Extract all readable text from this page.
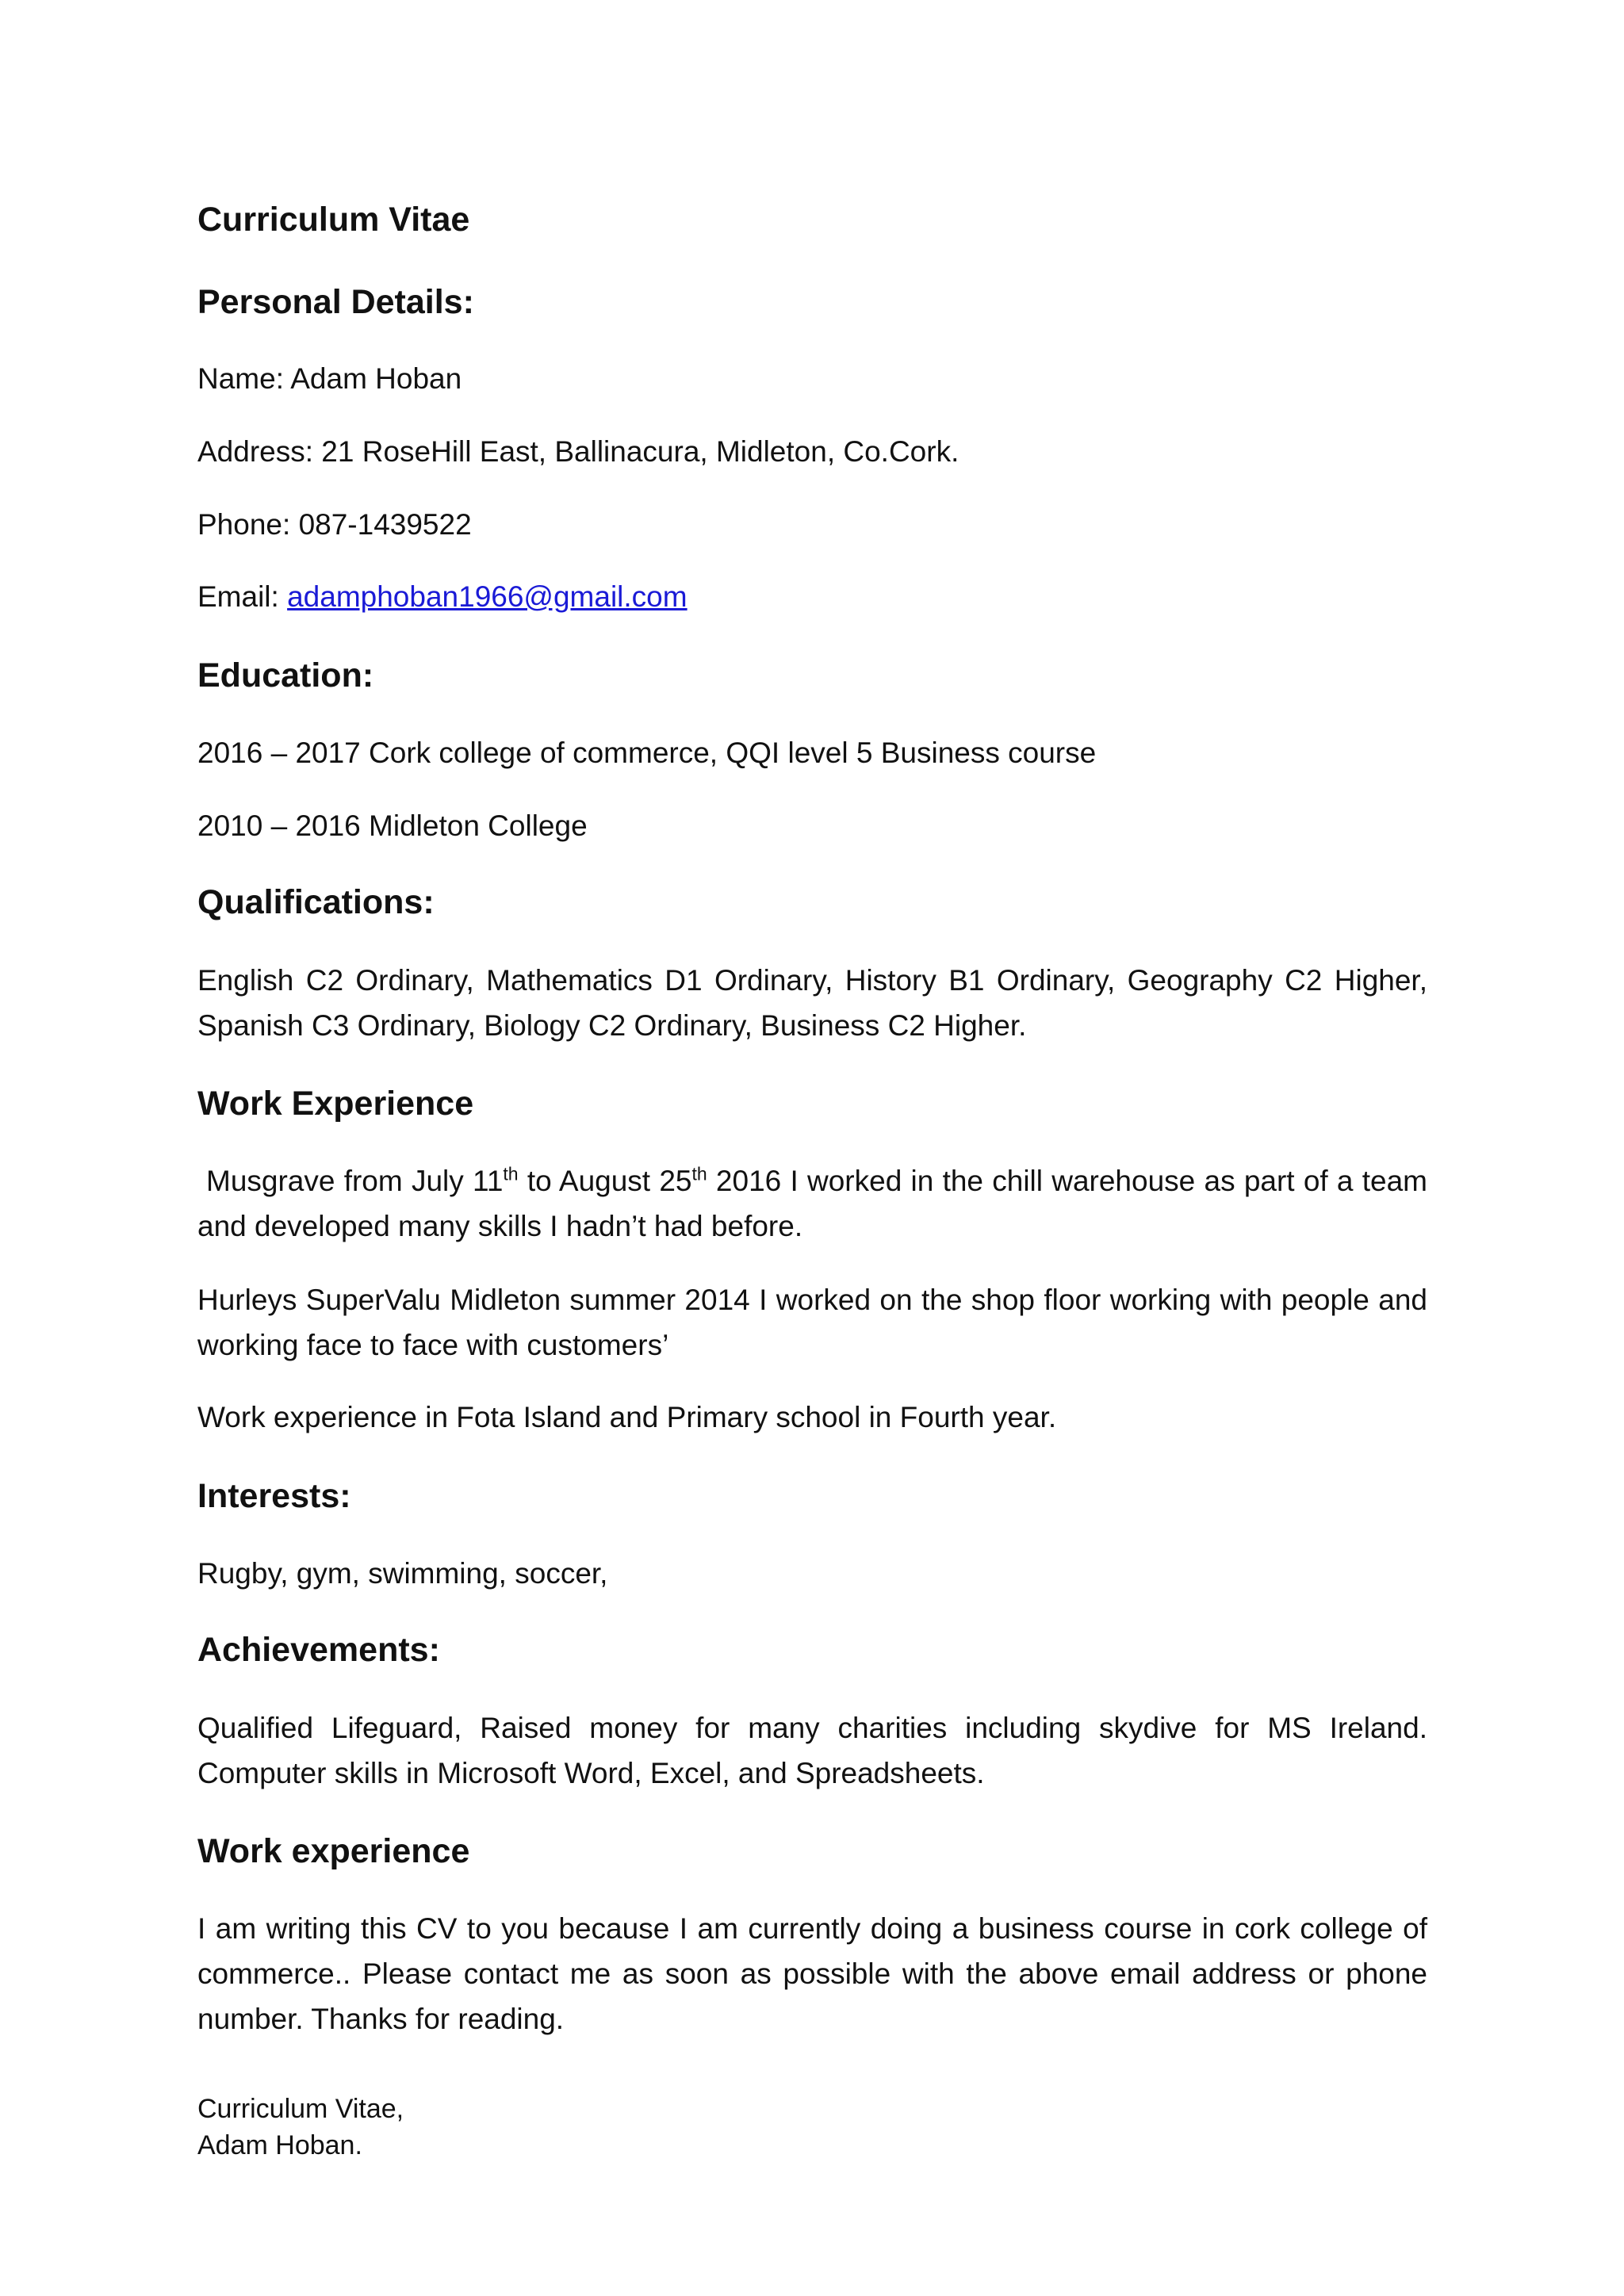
Curriculum Vitae
Personal Details:
Name: Adam Hoban
Address: 21 RoseHill East, Ballinacura, Midleton, Co.Cork.
Phone: 087-1439522
Email: adamphoban1966@gmail.com
Education:
2016 – 2017 Cork college of commerce, QQI level 5 Business course
2010 – 2016 Midleton College
Qualifications:
English C2 Ordinary, Mathematics D1 Ordinary, History B1 Ordinary, Geography C2 Higher, Spanish C3 Ordinary, Biology C2 Ordinary, Business C2 Higher.
Work Experience
Musgrave from July 11th to August 25th 2016 I worked in the chill warehouse as part of a team and developed many skills I hadn’t had before.
Hurleys SuperValu Midleton summer 2014 I worked on the shop floor working with people and working face to face with customers’
Work experience in Fota Island and Primary school in Fourth year.
Interests:
Rugby, gym, swimming, soccer,
Achievements:
Qualified Lifeguard, Raised money for many charities including skydive for MS Ireland. Computer skills in Microsoft Word, Excel, and Spreadsheets.
Work experience
I am writing this CV to you because I am currently doing a business course in cork college of commerce.. Please contact me as soon as possible with the above email address or phone number. Thanks for reading.
Curriculum Vitae,
Adam Hoban.
